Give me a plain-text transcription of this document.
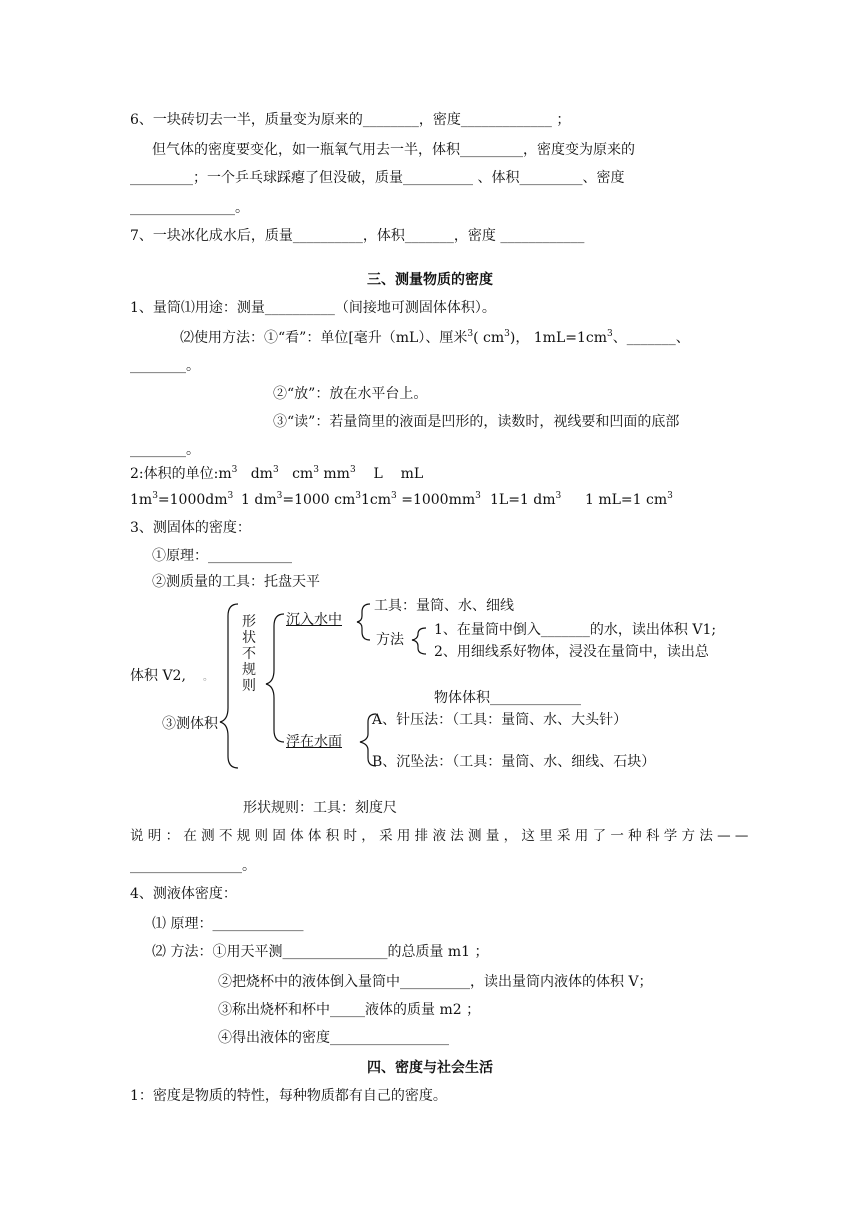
6、一块砖切去一半，质量变为原来的________，密度_____________ ；
但气体的密度要变化，如一瓶氧气用去一半，体积_________，密度变为原来的
_________；一个乒乓球踩瘪了但没破，质量__________ 、体积_________、密度
_______________。
7、一块冰化成水后，质量__________，体积_______，密度 ____________
三、测量物质的密度
1、量筒⑴用途：测量__________（间接地可测固体体积）。
⑵使用方法：①“看”：单位[毫升（mL）、厘米$^3$( $cm^3$)， $1mL=1cm^3$、_______、
________。
②“放”：放在水平台上。
③“读”：若量筒里的液面是凹形的，读数时，视线要和凹面的底部
________。
2:体积的单位$:m^3$ $dm^3$ $cm^3$ $mm^3$ L mL
$1m^3=1000dm^3$ 1 $dm^3=1000$ $cm^3$ $1cm^3 =1000mm^3$ 1L=1 $dm^3$ 1 mL=1 $cm^3$
3、测固体的密度：
①原理：____________
②测质量的工具：托盘天平
形
状
不
规
则
沉入水中
工具：量筒、水、细线
方法
1、在量筒中倒入_______的水，读出体积 V1;
2、用细线系好物体，浸没在量筒中，读出总
体积 V2, 。
物体体积_____________
③测体积
浮在水面
A、针压法：（工具：量筒、水、大头针）
B、沉坠法：（工具：量筒、水、细线、石块）
形状规则：工具：刻度尺
说 明 ： 在 测 不 规 则 固 体 体 积 时 ， 采 用 排 液 法 测 量 ， 这 里 采 用 了 一 种 科 学 方 法 — —
________________。
4、测液体密度：
⑴ 原理：_____________
⑵ 方法：①用天平测_______________的总质量 m1 ；
②把烧杯中的液体倒入量筒中__________，读出量筒内液体的体积 V；
③称出烧杯和杯中_____液体的质量 m2 ；
④得出液体的密度_________________
四、密度与社会生活
1：密度是物质的特性，每种物质都有自己的密度。
